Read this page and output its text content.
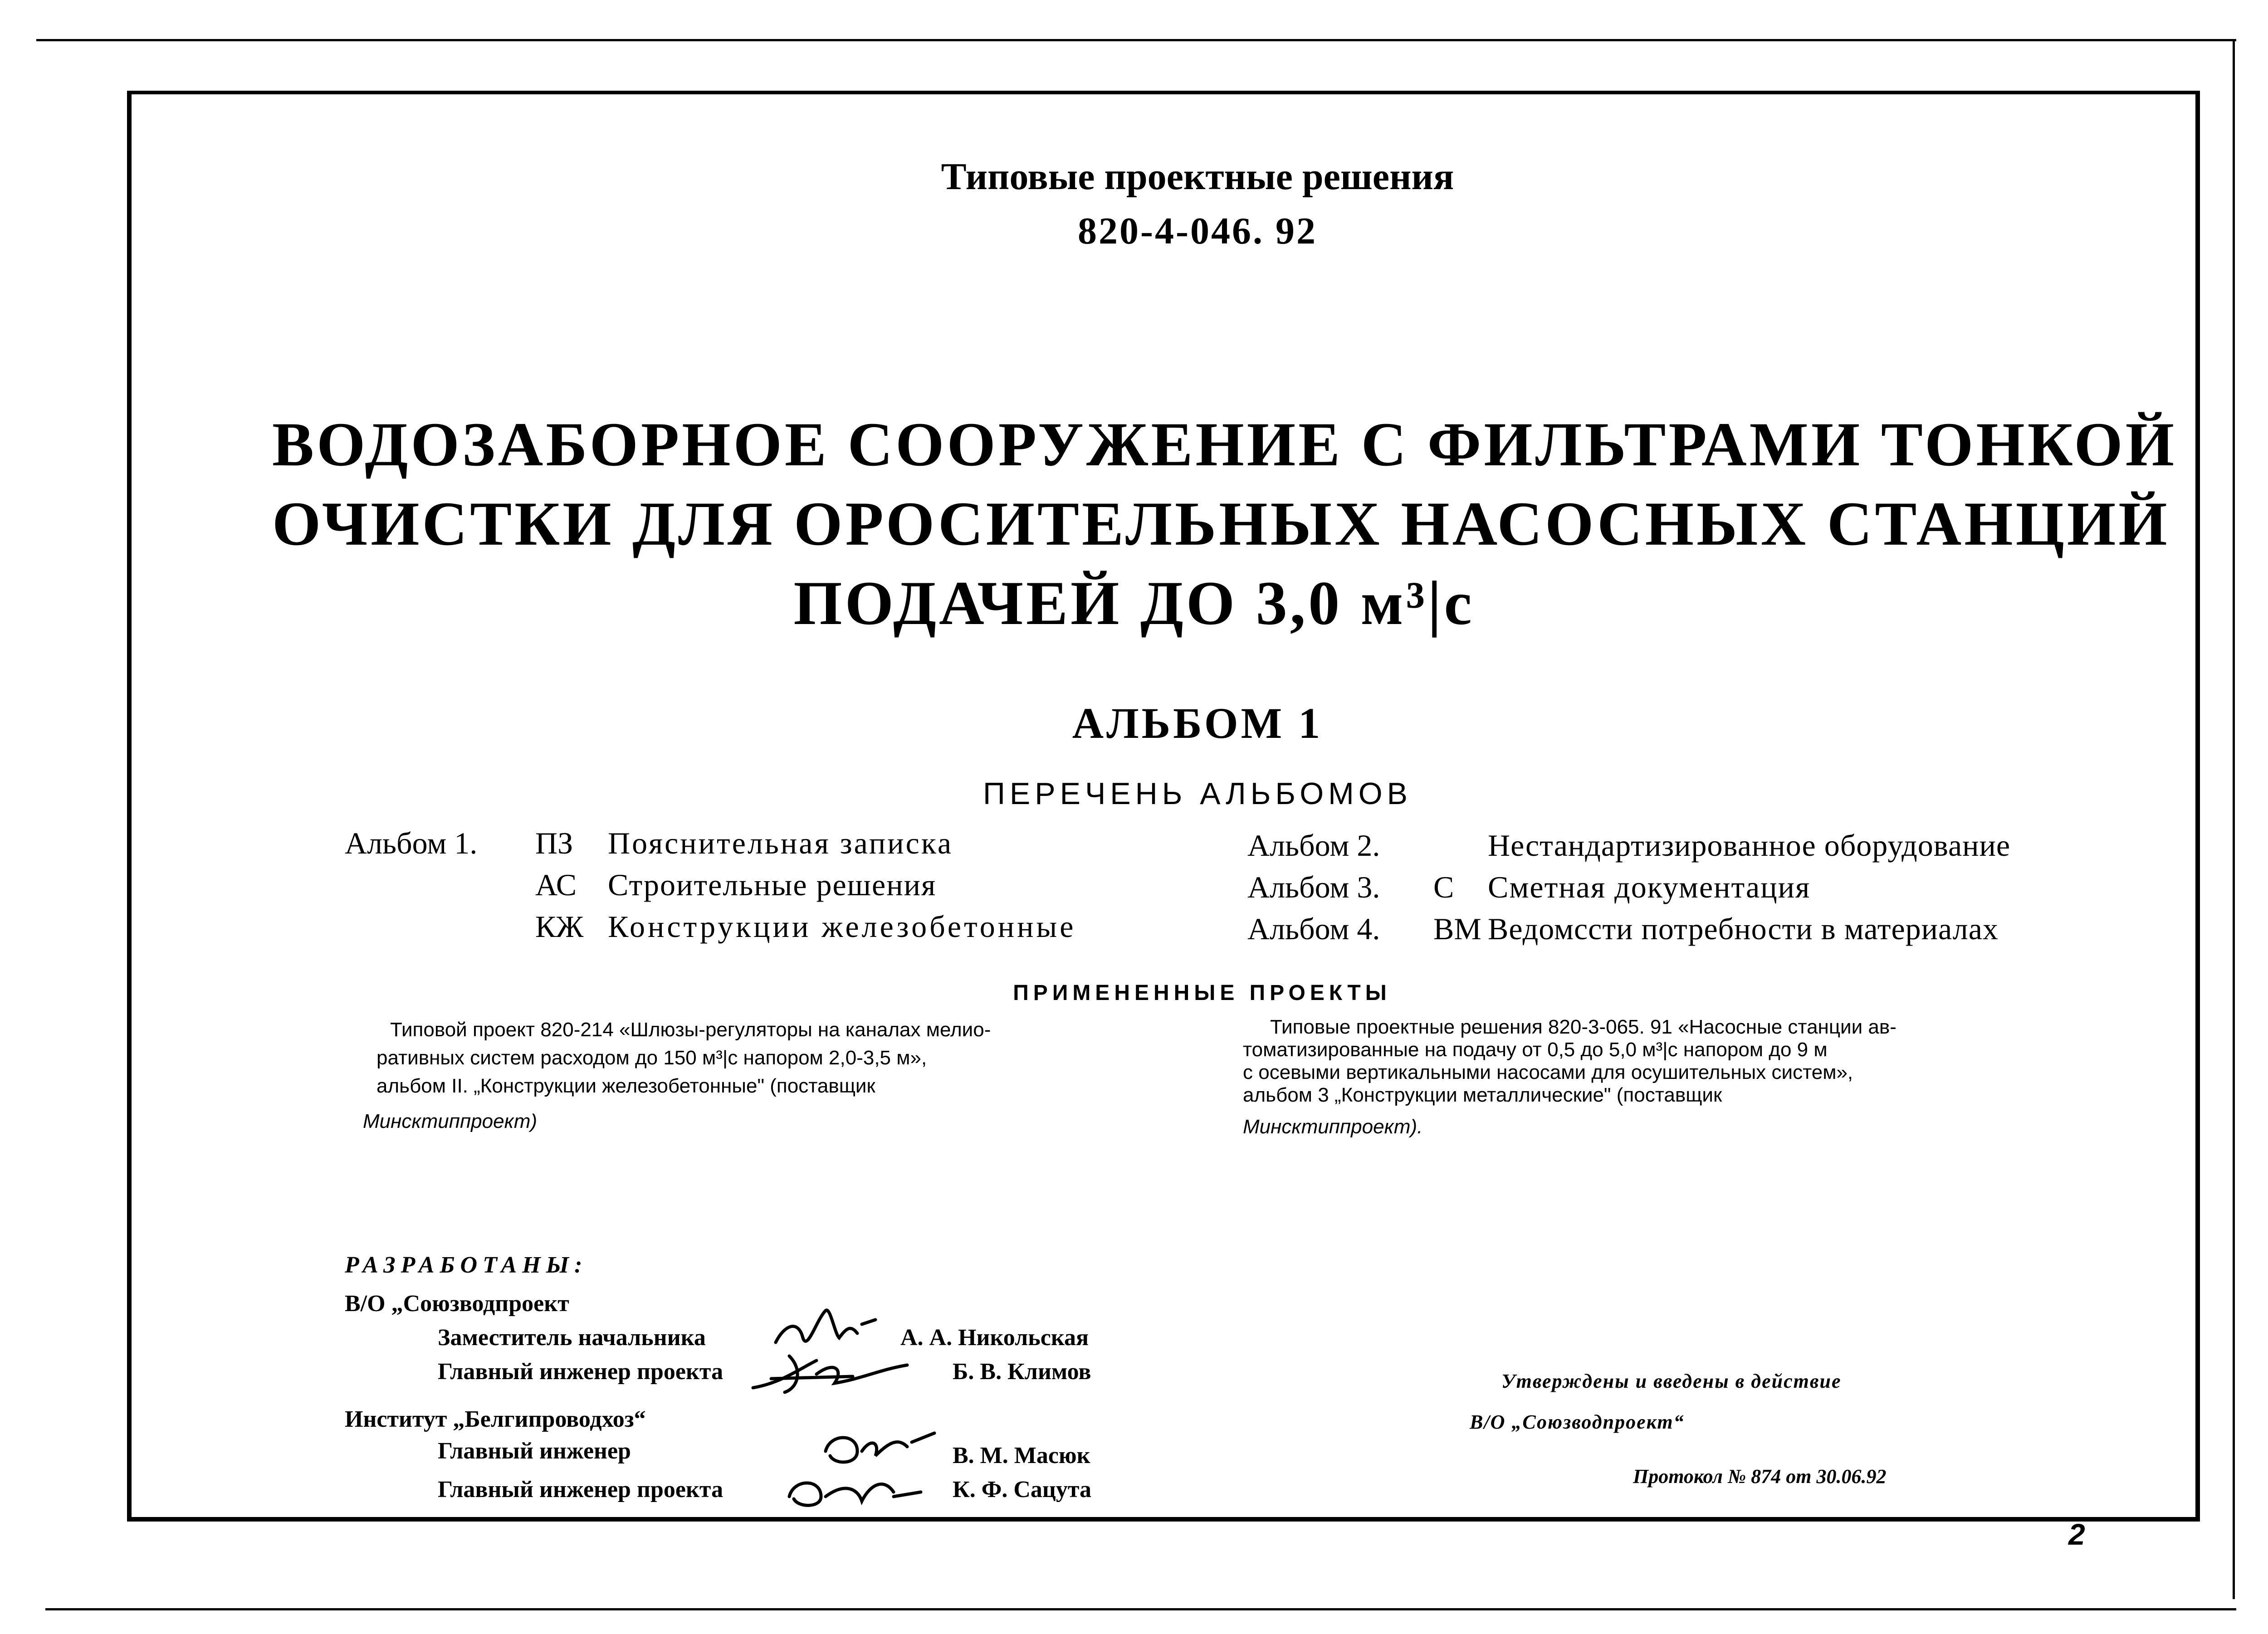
Типовые проектные решения
820-4-046. 92
ВОДОЗАБОРНОЕ СООРУЖЕНИЕ С ФИЛЬТРАМИ ТОНКОЙ
ОЧИСТКИ ДЛЯ ОРОСИТЕЛЬНЫХ НАСОСНЫХ СТАНЦИЙ
ПОДАЧЕЙ ДО 3,0 м³|с
АЛЬБОМ 1
ПЕРЕЧЕНЬ АЛЬБОМОВ
Альбом 1. ПЗ Пояснительная записка
АС Строительные решения
КЖ Конструкции железобетонные
Альбом 2.	Нестандартизированное оборудование
Альбом 3. С Сметная документация
Альбом 4. ВМ Ведомссти потребности в материалах
ПРИМЕНЕННЫЕ ПРОЕКТЫ
Типовой проект 820-214 «Шлюзы-регуляторы на каналах мелио-
ративных систем расходом до 150 м³|с напором 2,0-3,5 м»,
альбом II. „Конструкции железобетонные" (поставщик
Минсктиппроект)
Типовые проектные решения 820-3-065. 91 «Насосные станции ав-
томатизированные на подачу от 0,5 до 5,0 м³|с напором до 9 м
с осевыми вертикальными насосами для осушительных систем»,
альбом 3 „Конструкции металлические" (поставщик
Минсктиппроект).
РАЗРАБОТАНЫ:
В/О „Союзводпроект
Заместитель начальника	А. А. Никольская
Главный инженер проекта	Б. В. Климов
Институт „Белгипроводхоз“
Главный инженер	В. М. Масюк
Главный инженер проекта	К. Ф. Сацута
Утверждены и введены в действие
В/О „Союзводпроект“
Протокол № 874 от 30.06.92
2
